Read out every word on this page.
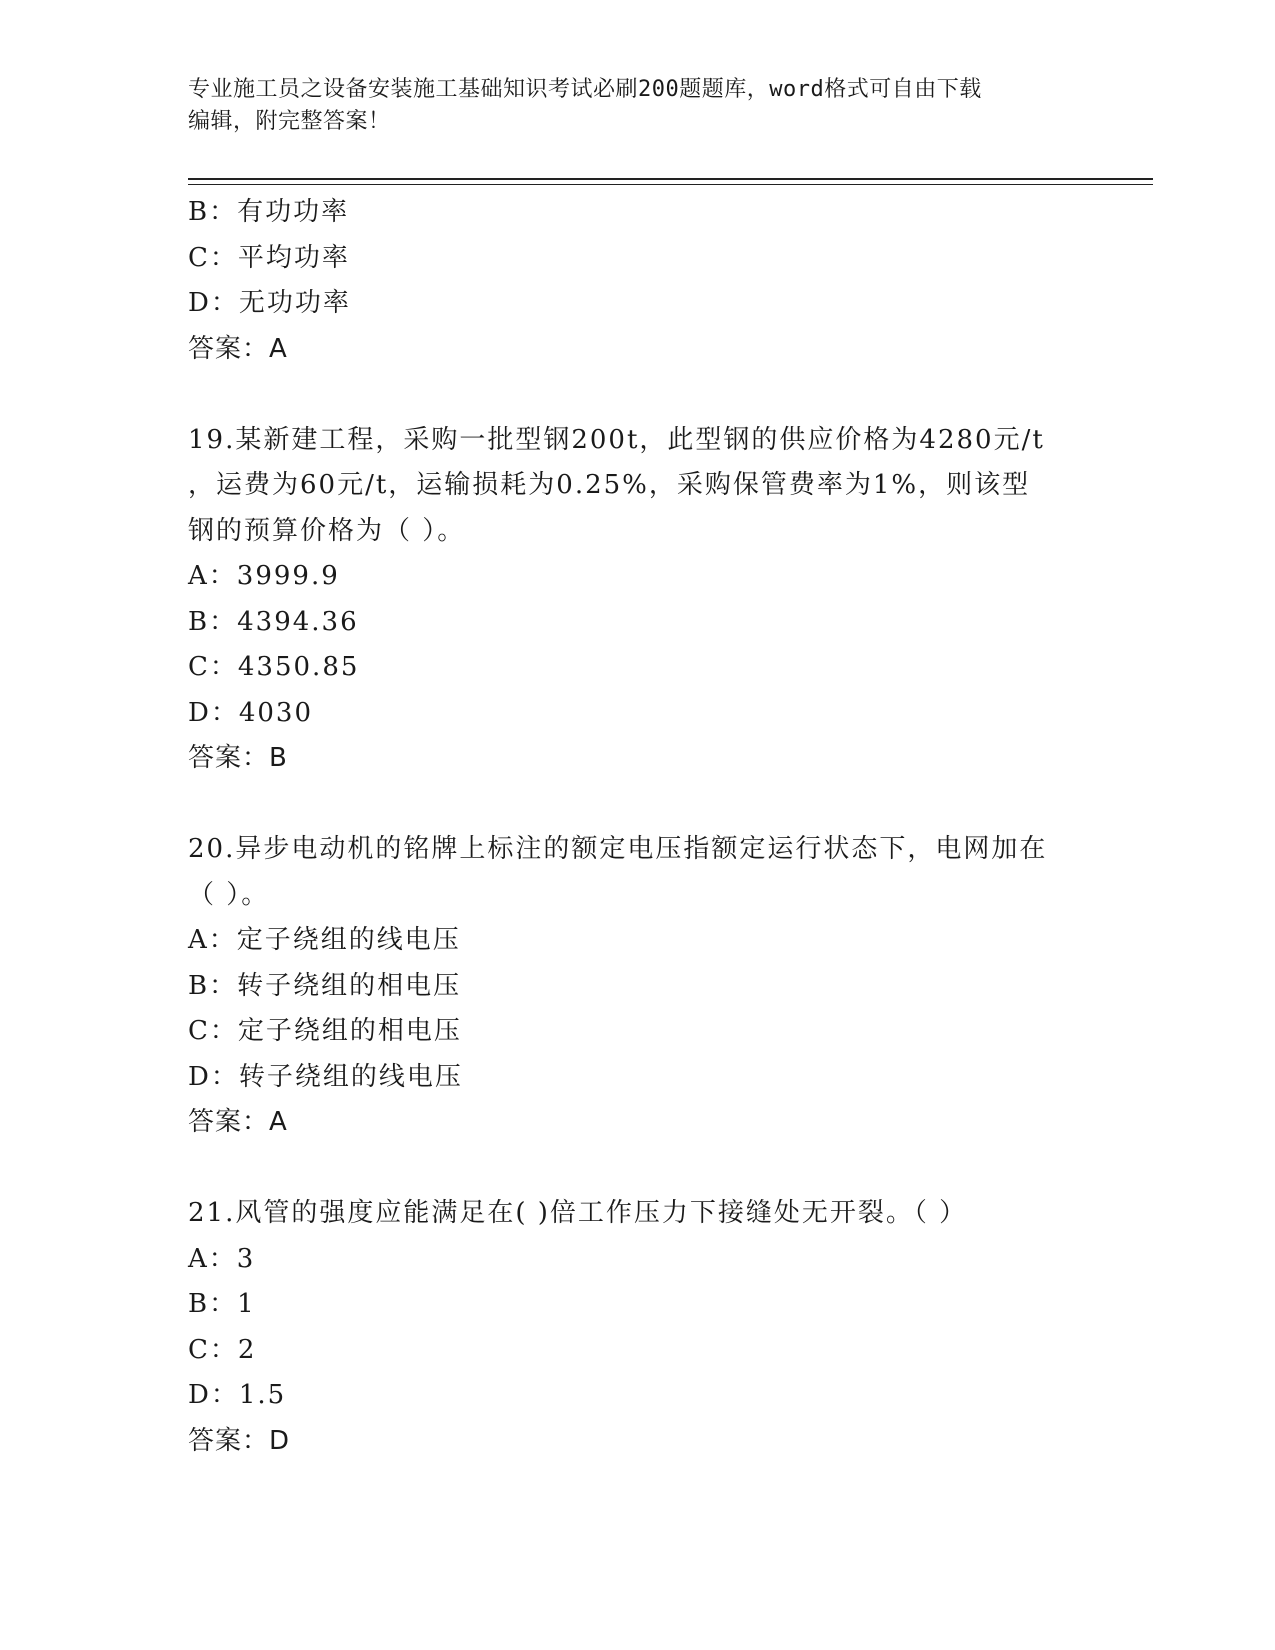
专业施工员之设备安装施工基础知识考试必刷200题题库，word格式可自由下载
编辑，附完整答案！
B：有功功率
C：平均功率
D：无功功率
答案：A
19.某新建工程，采购一批型钢200t，此型钢的供应价格为4280元/t
，运费为60元/t，运输损耗为0.25%，采购保管费率为1%，则该型
钢的预算价格为（ ）。
A：3999.9
B：4394.36
C：4350.85
D：4030
答案：B
20.异步电动机的铭牌上标注的额定电压指额定运行状态下，电网加在
（ ）。
A：定子绕组的线电压
B：转子绕组的相电压
C：定子绕组的相电压
D：转子绕组的线电压
答案：A
21.风管的强度应能满足在( )倍工作压力下接缝处无开裂。（ ）
A：3
B：1
C：2
D：1.5
答案：D
